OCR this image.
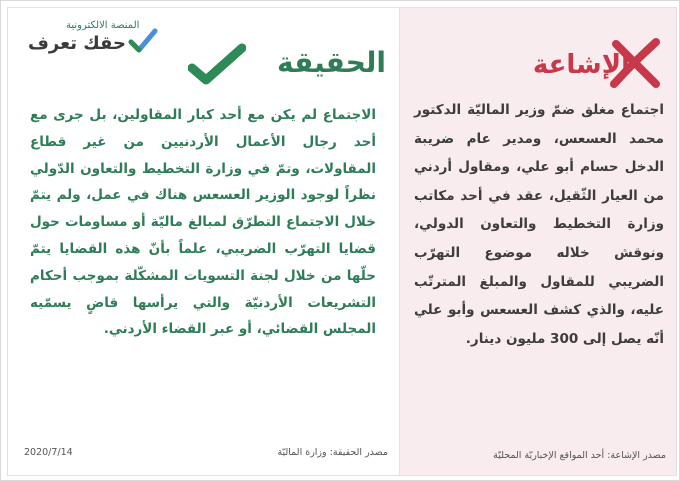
المنصة الالكترونية
حقك تعرف
الحقيقة
الاجتماع لم يكن مع أحد كبار المقاولين، بل جرى مع أحد رجال الأعمال الأردنيين من غير قطاع المقاولات، وتمّ في وزارة التخطيط والتعاون الدّولي نظراً لوجود الوزير العسعس هناك في عمل، ولم يتمّ خلال الاجتماع التطرّق لمبالغ ماليّة أو مساومات حول قضايا التهرّب الضريبي، علماً بأنّ هذه القضايا يتمّ حلّها من خلال لجنة التسويات المشكّلة بموجب أحكام التشريعات الأردنيّة والتي يرأسها قاضٍ يسمّيه المجلس القضائي، أو عبر القضاء الأردني.
2020/7/14	مصدر الحقيقة: وزارة الماليّة
الإشاعة
اجتماع مغلق ضمّ وزير الماليّة الدكتور محمد العسعس، ومدير عام ضريبة الدخل حسام أبو علي، ومقاول أردني من العيار الثّقيل، عقد في أحد مكاتب وزارة التخطيط والتعاون الدولي، ونوقش خلاله موضوع التهرّب الضريبي للمقاول والمبلغ المترتّب عليه، والذي كشف العسعس وأبو علي أنّه يصل إلى 300 مليون دينار.
مصدر الإشاعة: أحد المواقع الإخباريّة المحليّة
